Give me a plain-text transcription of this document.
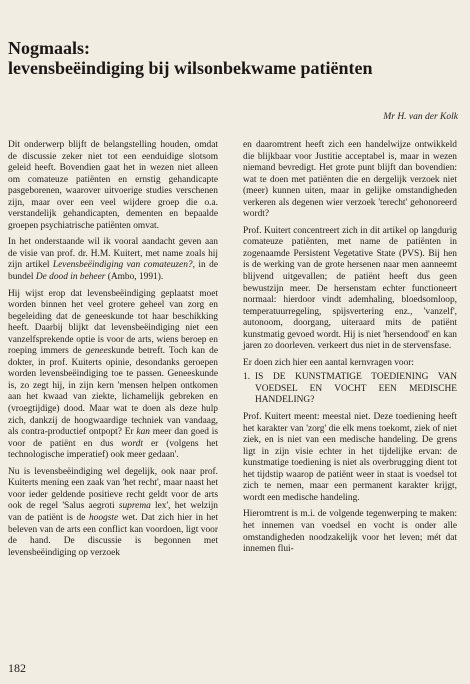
Nogmaals:
levensbeëindiging bij wilsonbekwame patiënten
Mr H. van der Kolk

Dit onderwerp blijft de belangstelling houden, omdat de discussie zeker niet tot een eenduidige slotsom geleid heeft. Bovendien gaat het in wezen niet alleen om comateuze patiënten en ernstig gehandicapte pasgeborenen, waarover uitvoerige studies verschenen zijn, maar over een veel wijdere groep die o.a. verstandelijk gehandicapten, dementen en bepaalde groepen psychiatrische patiënten omvat.

In het onderstaande wil ik vooral aandacht geven aan de visie van prof. dr. H.M. Kuitert, met name zoals hij zijn artikel Levensbeëindiging van comateuzen?, in de bundel De dood in beheer (Ambo, 1991).

Hij wijst erop dat levensbeëindiging geplaatst moet worden binnen het veel grotere geheel van zorg en begeleiding dat de geneeskunde tot haar beschikking heeft. Daarbij blijkt dat levensbeëindiging niet een vanzelfsprekende optie is voor de arts, wiens beroep en roeping immers de geneeskunde betreft. Toch kan de dokter, in prof. Kuiterts opinie, desondanks geroepen worden levensbeëindiging toe te passen. Geneeskunde is, zo zegt hij, in zijn kern 'mensen helpen ontkomen aan het kwaad van ziekte, lichamelijk gebreken en (vroegtijdige) dood. Maar wat te doen als deze hulp zich, dankzij de hoogwaardige techniek van vandaag, als contra-productief ontpopt? Er kan meer dan goed is voor de patiënt en dus wordt er (volgens het technologische imperatief) ook meer gedaan'.

Nu is levensbeëindiging wel degelijk, ook naar prof. Kuiterts mening een zaak van 'het recht', maar naast het voor ieder geldende positieve recht geldt voor de arts ook de regel 'Salus aegroti suprema lex', het welzijn van de patiënt is de hoogste wet. Dat zich hier in het beleven van de arts een conflict kan voordoen, ligt voor de hand. De discussie is begonnen met levensbeëindiging op verzoek

en daaromtrent heeft zich een handelwijze ontwikkeld die blijkbaar voor Justitie acceptabel is, maar in wezen niemand bevredigt. Het grote punt blijft dan bovendien: wat te doen met patiënten die en dergelijk verzoek niet (meer) kunnen uiten, maar in gelijke omstandigheden verkeren als degenen wier verzoek 'terecht' gehonoreerd wordt?

Prof. Kuitert concentreert zich in dit artikel op langdurig comateuze patiënten, met name de patiënten in zogenaamde Persistent Vegetative State (PVS). Bij hen is de werking van de grote hersenen naar men aanneemt blijvend uitgevallen; de patiënt heeft dus geen bewustzijn meer. De hersenstam echter functioneert normaal: hierdoor vindt ademhaling, bloedsomloop, temperatuurregeling, spijsvertering enz., 'vanzelf', autonoom, doorgang, uiteraard mits de patiënt kunstmatig gevoed wordt. Hij is niet 'hersendood' en kan jaren zo doorleven. verkeert dus niet in de stervensfase.

Er doen zich hier een aantal kernvragen voor:

1. IS DE KUNSTMATIGE TOEDIENING VAN VOEDSEL EN VOCHT EEN MEDISCHE HANDELING?

Prof. Kuitert meent: meestal niet. Deze toediening heeft het karakter van 'zorg' die elk mens toekomt, ziek of niet ziek, en is niet van een medische handeling. De grens ligt in zijn visie echter in het tijdelijke ervan: de kunstmatige toediening is niet als overbrugging dient tot het tijdstip waarop de patiënt weer in staat is voedsel tot zich te nemen, maar een permanent karakter krijgt, wordt een medische handeling.

Hieromtrent is m.i. de volgende tegenwerping te maken: het innemen van voedsel en vocht is onder alle omstandigheden noodzakelijk voor het leven; mét dat innemen flui-

182
